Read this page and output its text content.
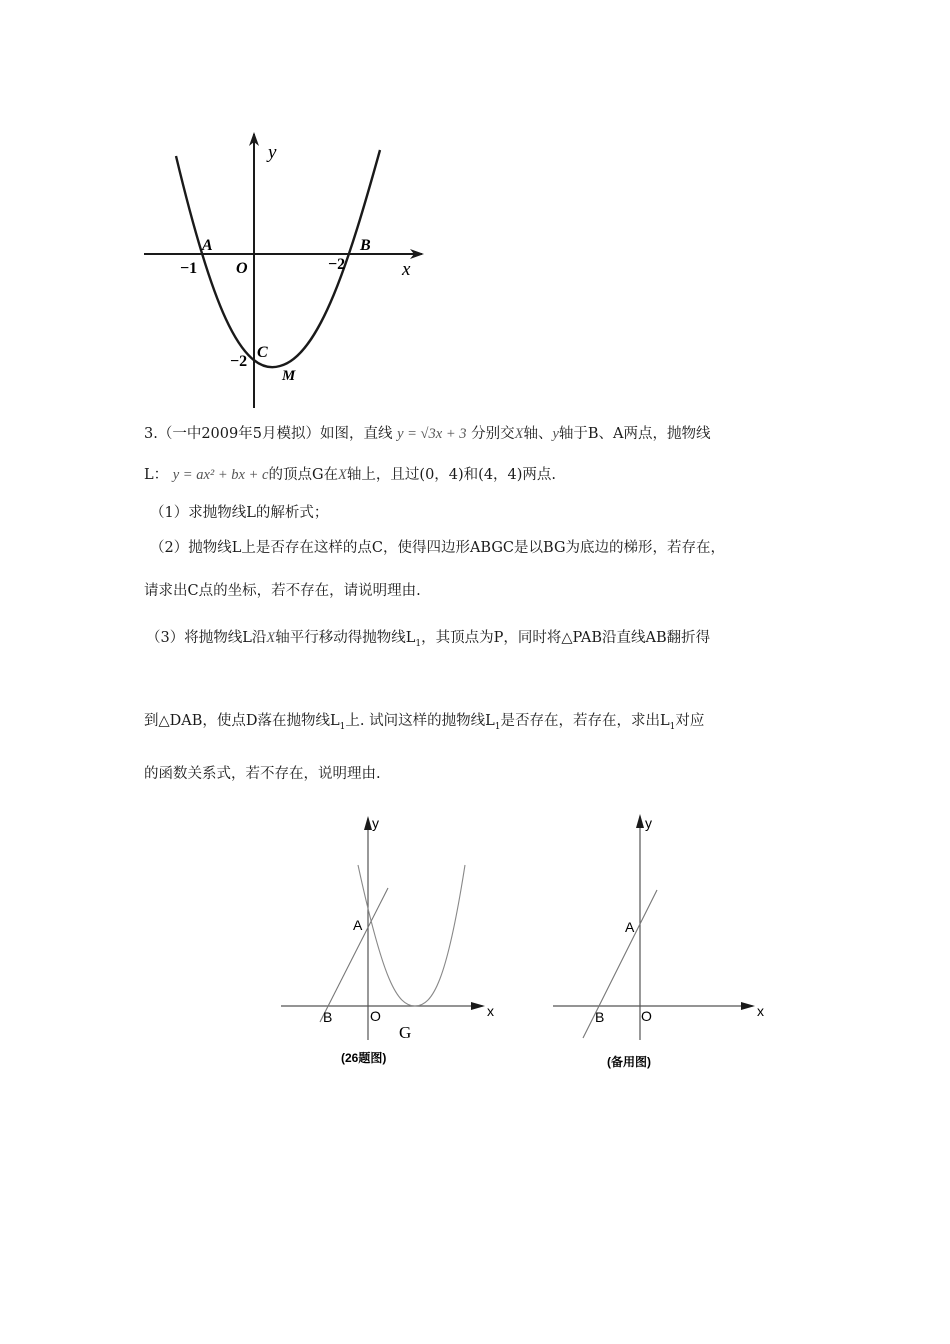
y
x
A	B
C
M
O
−1	−2
−2
3.（一中2009年5月模拟）如图，直线 y = √3x + 3 分别交X轴、y轴于B、A两点，抛物线
L： y = ax² + bx + c的顶点G在X轴上，且过(0，4)和(4，4)两点.
（1）求抛物线L的解析式；
（2）抛物线L上是否存在这样的点C，使得四边形ABGC是以BG为底边的梯形，若存在，
请求出C点的坐标，若不存在，请说明理由.
（3）将抛物线L沿X轴平行移动得抛物线$L_1$，其顶点为P，同时将△PAB沿直线AB翻折得
到△DAB，使点D落在抛物线$L_1$上. 试问这样的抛物线$L_1$是否存在，若存在，求出$L_1$对应
的函数关系式，若不存在，说明理由.
y
x
A
B	O
G
(26题图)
y
x
A
B	O
(备用图)
